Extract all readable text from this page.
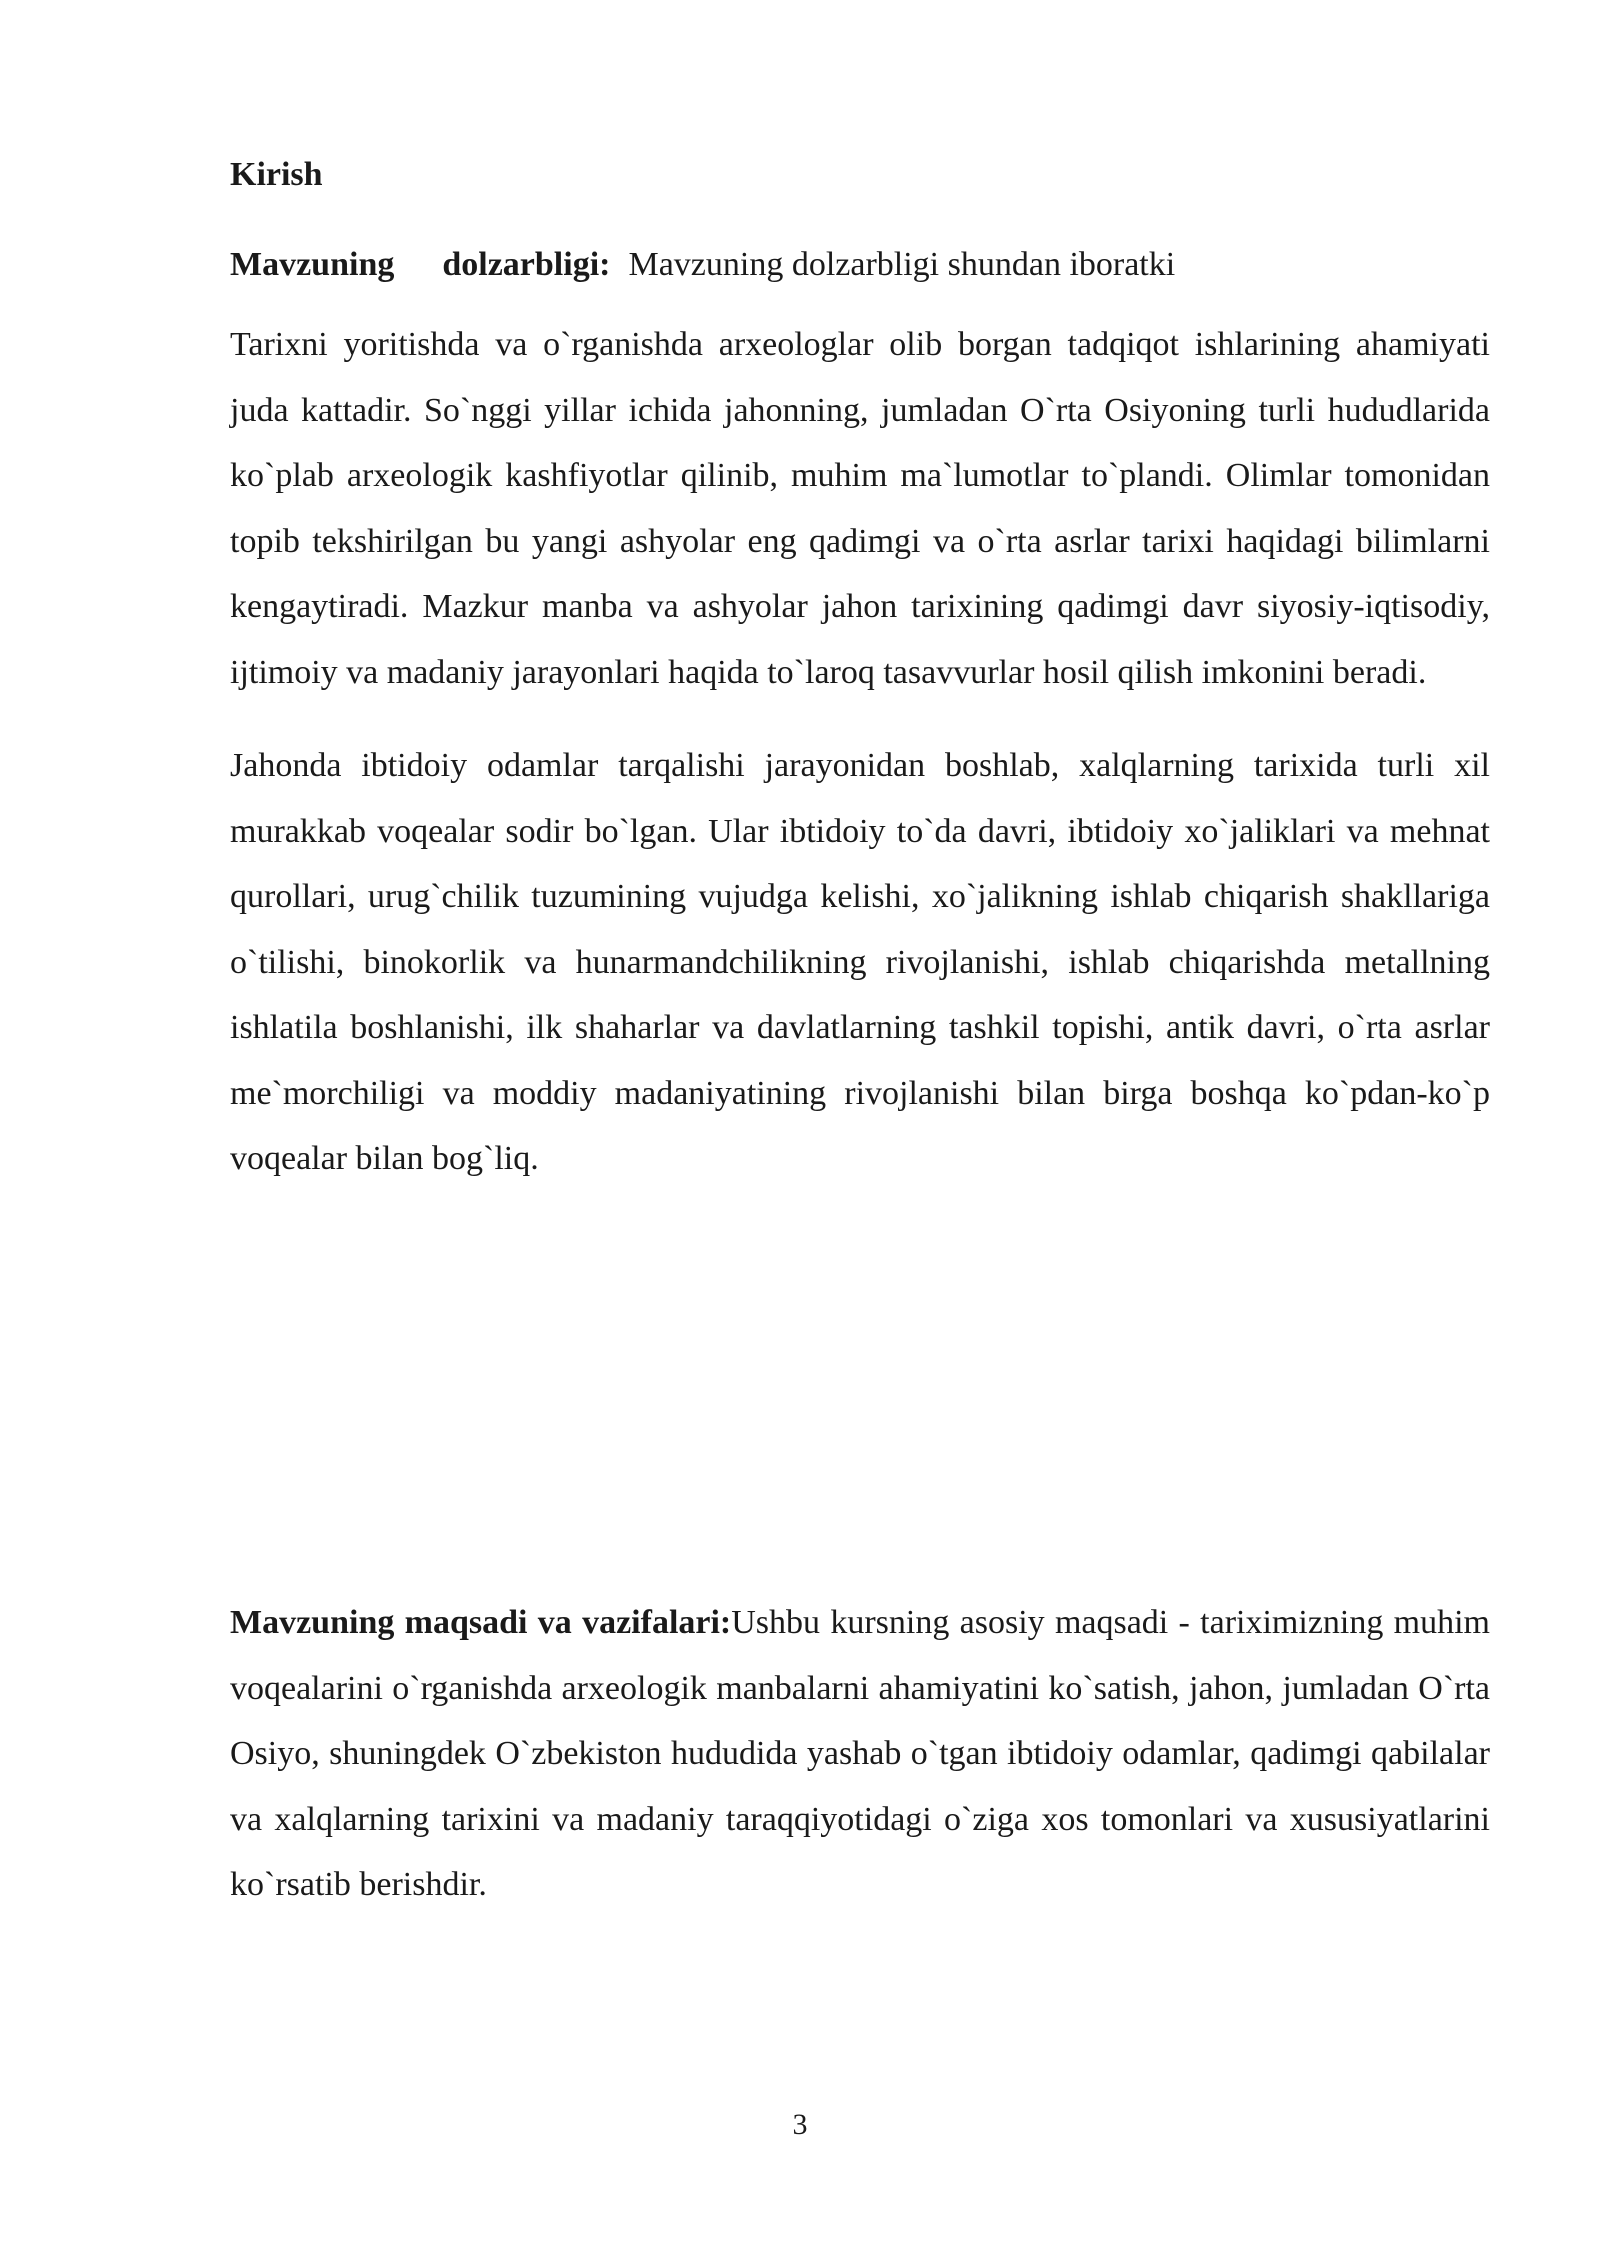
Kirish
Mavzuning dolzarbligi: Mavzuning dolzarbligi shundan iboratki

Tarixni yoritishda va o`rganishda arxeologlar olib borgan tadqiqot ishlarining ahamiyati juda kattadir. So`nggi yillar ichida jahonning, jumladan O`rta Osiyoning turli hududlarida ko`plab arxeologik kashfiyotlar qilinib, muhim ma`lumotlar to`plandi. Olimlar tomonidan topib tekshirilgan bu yangi ashyolar eng qadimgi va o`rta asrlar tarixi haqidagi bilimlarni kengaytiradi. Mazkur manba va ashyolar jahon tarixining qadimgi davr siyosiy-iqtisodiy, ijtimoiy va madaniy jarayonlari haqida to`laroq tasavvurlar hosil qilish imkonini beradi.

Jahonda ibtidoiy odamlar tarqalishi jarayonidan boshlab, xalqlarning tarixida turli xil murakkab voqealar sodir bo`lgan. Ular ibtidoiy to`da davri, ibtidoiy xo`jaliklari va mehnat qurollari, urug`chilik tuzumining vujudga kelishi, xo`jalikning ishlab chiqarish shakllariga o`tilishi, binokorlik va hunarmandchilikning rivojlanishi, ishlab chiqarishda metallning ishlatila boshlanishi, ilk shaharlar va davlatlarning tashkil topishi, antik davri, o`rta asrlar me`morchiligi va moddiy madaniyatining rivojlanishi bilan birga boshqa ko`pdan-ko`p voqealar bilan bog`liq.

Mavzuning maqsadi va vazifalari:Ushbu kursning asosiy maqsadi - tariximizning muhim voqealarini o`rganishda arxeologik manbalarni ahamiyatini ko`satish, jahon, jumladan O`rta Osiyo, shuningdek O`zbekiston hududida yashab o`tgan ibtidoiy odamlar, qadimgi qabilalar va xalqlarning tarixini va madaniy taraqqiyotidagi o`ziga xos tomonlari va xususiyatlarini ko`rsatib berishdir.

3
